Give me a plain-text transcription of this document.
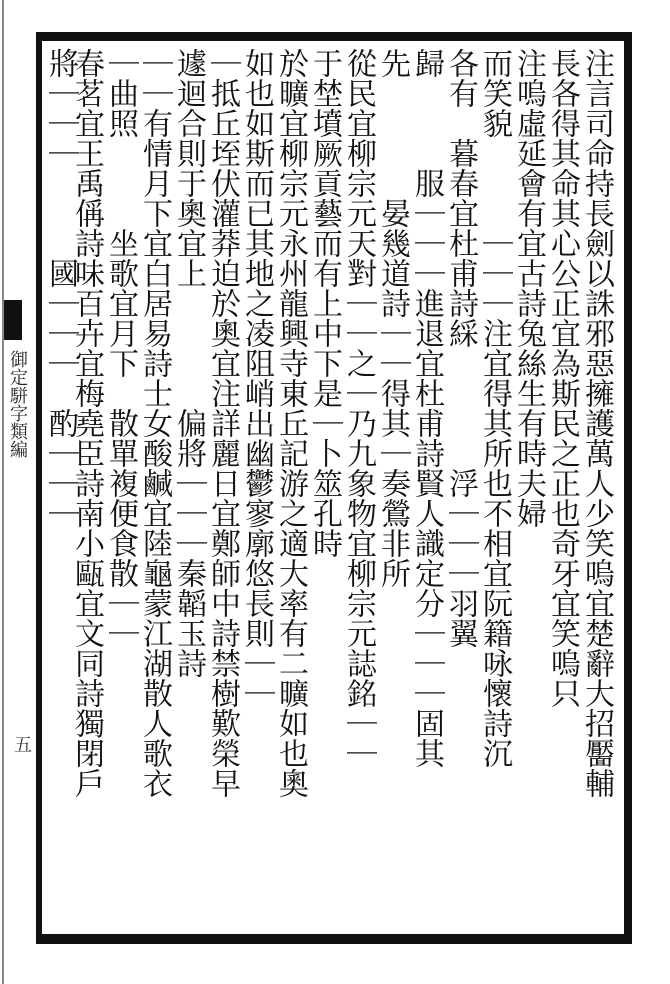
御定駢字類編
五	注言司命持長劍以誅邪惡擁護萬人少笑嗚宜楚辭大招靨輔
長各得其命其心公正宜為斯民之正也奇牙宜笑嗚只
注嗚虛延會有宜古詩兔絲生有時夫婦
而笑貌　　　｜｜｜注宜得其所也不相宜阮籍咏懷詩沉
各有　暮春宜杜甫詩綵　　　　浮｜｜｜羽翼
歸　　　服｜｜｜進退宜杜甫詩賢人識定分｜｜｜固其
先　　　　晏幾道詩｜｜得其｜奏鶯非所
從民宜柳宗元天對｜｜之｜乃九象物宜柳宗元誌銘｜｜
于埜墳厥貢藝而有上中下是｜卜筮孔時
於曠宜柳宗元永州龍興寺東丘記游之適大率有二曠如也奧
如也如斯而已其地之凌阻峭出幽鬱寥廓悠長則｜｜
｜抵丘垤伏灌莽迫於奧宜注詳麗日宜鄭師中詩禁樹歎榮早
遽迴合則于奧宜上　　　　偏將｜｜｜秦韜玉詩
｜｜有情月下宜白居易詩士女酸鹹宜陸龜蒙江湖散人歌衣
｜曲照　　　坐歌宜月下　散單複便食散｜｜
春茗宜王禹偁詩味百卉宜梅堯臣詩南小甌宜文同詩獨閉戶
將｜｜｜　　　國｜｜｜　酌｜｜｜
